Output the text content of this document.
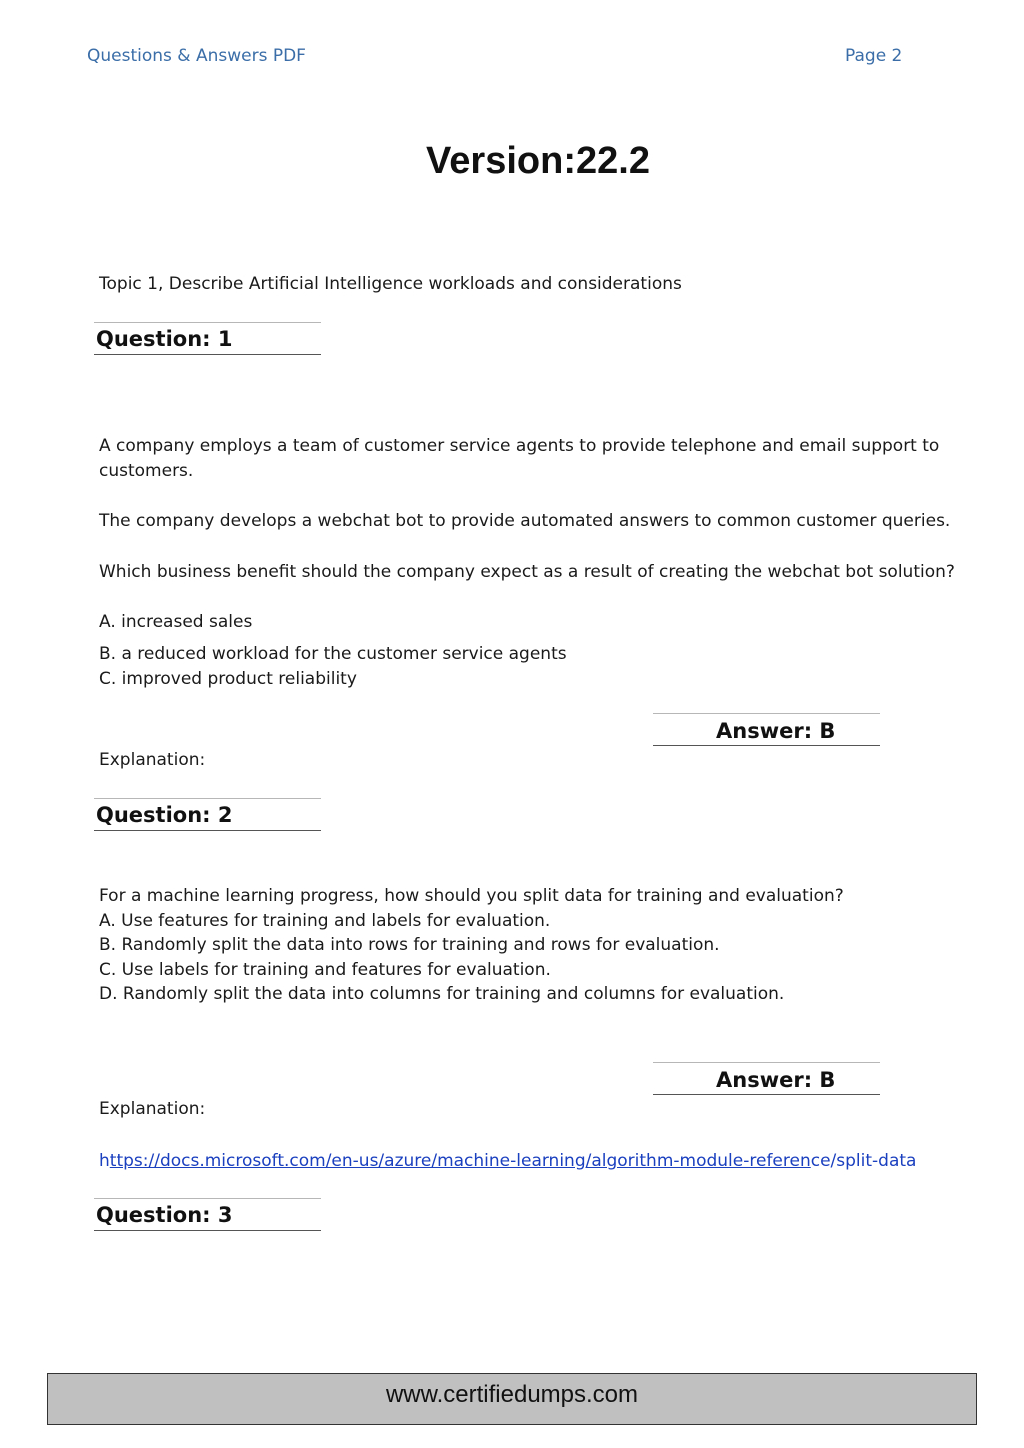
Questions & Answers PDF	Page 2
Version:22.2
Topic 1, Describe Artificial Intelligence workloads and considerations
Question: 1
A company employs a team of customer service agents to provide telephone and email support to
customers.
The company develops a webchat bot to provide automated answers to common customer queries.
Which business benefit should the company expect as a result of creating the webchat bot solution?
A. increased sales
B. a reduced workload for the customer service agents
C. improved product reliability
Answer: B
Explanation:
Question: 2
For a machine learning progress, how should you split data for training and evaluation?
A. Use features for training and labels for evaluation.
B. Randomly split the data into rows for training and rows for evaluation.
C. Use labels for training and features for evaluation.
D. Randomly split the data into columns for training and columns for evaluation.
Answer: B
Explanation:
https://docs.microsoft.com/en-us/azure/machine-learning/algorithm-module-reference/split-data
Question: 3
www.certifiedumps.com
